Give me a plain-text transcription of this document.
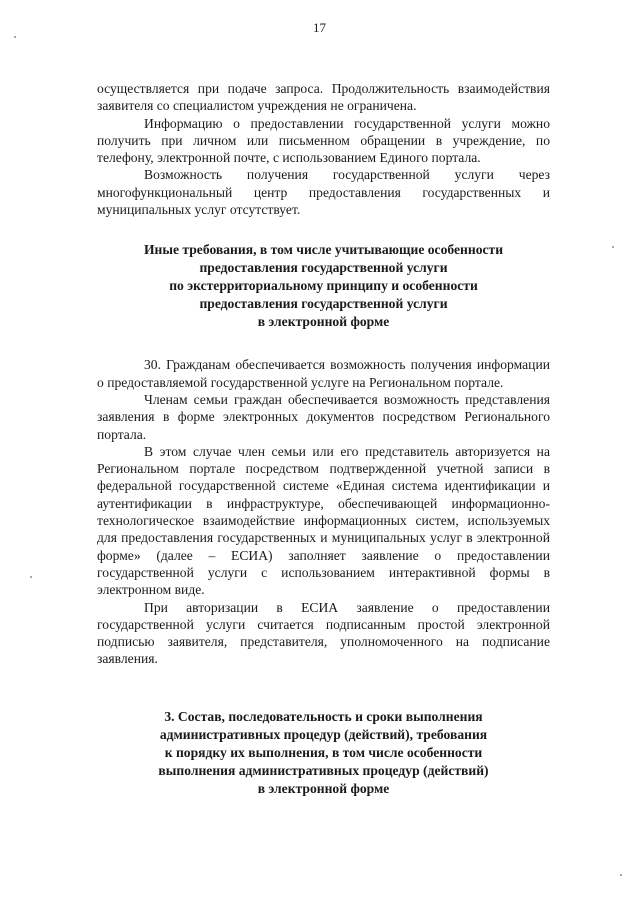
17

осуществляется при подаче запроса. Продолжительность взаимодействия заявителя со специалистом учреждения не ограничена.

Информацию о предоставлении государственной услуги можно получить при личном или письменном обращении в учреждение, по телефону, электронной почте, с использованием Единого портала.

Возможность получения государственной услуги через многофункциональный центр предоставления государственных и муниципальных услуг отсутствует.

Иные требования, в том числе учитывающие особенности
предоставления государственной услуги
по экстерриториальному принципу и особенности
предоставления государственной услуги
в электронной форме

30. Гражданам обеспечивается возможность получения информации о предоставляемой государственной услуге на Региональном портале.

Членам семьи граждан обеспечивается возможность представления заявления в форме электронных документов посредством Регионального портала.

В этом случае член семьи или его представитель авторизуется на Региональном портале посредством подтвержденной учетной записи в федеральной государственной системе «Единая система идентификации и аутентификации в инфраструктуре, обеспечивающей информационно-технологическое взаимодействие информационных систем, используемых для предоставления государственных и муниципальных услуг в электронной форме» (далее – ЕСИА) заполняет заявление о предоставлении государственной услуги с использованием интерактивной формы в электронном виде.

При авторизации в ЕСИА заявление о предоставлении государственной услуги считается подписанным простой электронной подписью заявителя, представителя, уполномоченного на подписание заявления.

3. Состав, последовательность и сроки выполнения
административных процедур (действий), требования
к порядку их выполнения, в том числе особенности
выполнения административных процедур (действий)
в электронной форме
